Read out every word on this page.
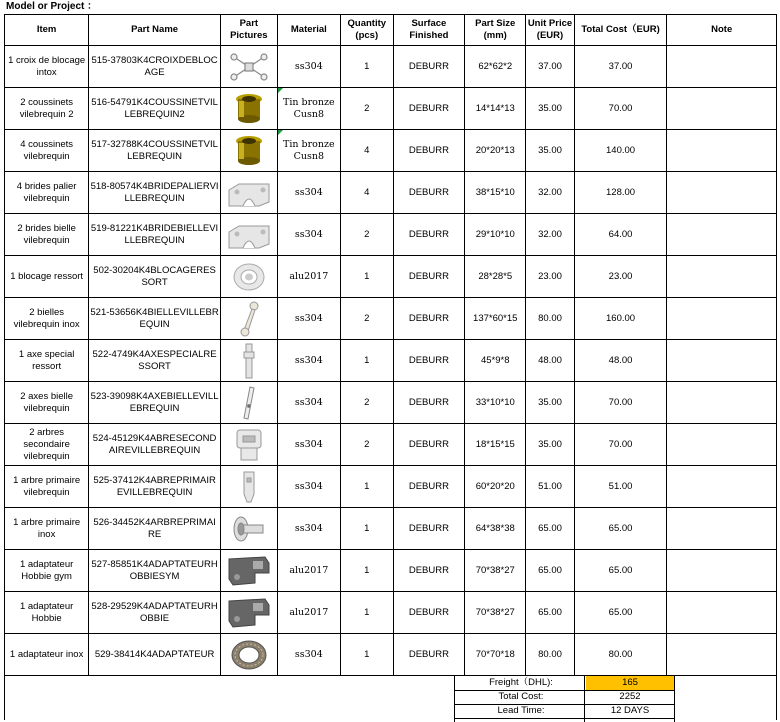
Model or Project ：
Item	Part Name	Part Pictures	Material	Quantity (pcs)	Surface Finished	Part Size (mm)	Unit Price (EUR)	Total Cost（EUR)	Note
1 croix de blocage intox	515-37803K4CROIXDEBLOCAGE		ss304	1	DEBURR	62*62*2	37.00	37.00	
2 coussinets vilebrequin 2	516-54791K4COUSSINETVILLEBREQUIN2		Tin bronze Cusn8	2	DEBURR	14*14*13	35.00	70.00	
4 coussinets vilebrequin	517-32788K4COUSSINETVILLEBREQUIN		Tin bronze Cusn8	4	DEBURR	20*20*13	35.00	140.00	
4 brides palier vilebrequin	518-80574K4BRIDEPALIERVILLEBREQUIN		ss304	4	DEBURR	38*15*10	32.00	128.00	
2 brides bielle vilebrequin	519-81221K4BRIDEBIELLEVILLEBREQUIN		ss304	2	DEBURR	29*10*10	32.00	64.00	
1 blocage ressort	502-30204K4BLOCAGERESSORT		alu2017	1	DEBURR	28*28*5	23.00	23.00	
2 bielles vilebrequin inox	521-53656K4BIELLEVILLEBREQUIN		ss304	2	DEBURR	137*60*15	80.00	160.00	
1 axe special ressort	522-4749K4AXESPECIALRESSORT		ss304	1	DEBURR	45*9*8	48.00	48.00	
2 axes bielle vilebrequin	523-39098K4AXEBIELLEVILLEBREQUIN		ss304	2	DEBURR	33*10*10	35.00	70.00	
2 arbres secondaire vilebrequin	524-45129K4ABRESECONDAIREVILLEBREQUIN		ss304	2	DEBURR	18*15*15	35.00	70.00	
1 arbre primaire vilebrequin	525-37412K4ABREPRIMAIREVILLEBREQUIN		ss304	1	DEBURR	60*20*20	51.00	51.00	
1 arbre primaire inox	526-34452K4ARBREPRIMAIRE		ss304	1	DEBURR	64*38*38	65.00	65.00	
1 adaptateur Hobbie gym	527-85851K4ADAPTATEURHOBBIESYM		alu2017	1	DEBURR	70*38*27	65.00	65.00	
1 adaptateur Hobbie	528-29529K4ADAPTATEURHOBBIE		alu2017	1	DEBURR	70*38*27	65.00	65.00	
1 adaptateur inox	529-38414K4ADAPTATEUR		ss304	1	DEBURR	70*70*18	80.00	80.00	

Freight（DHL):	165
Total Cost:	2252
Lead Time:	12 DAYS
